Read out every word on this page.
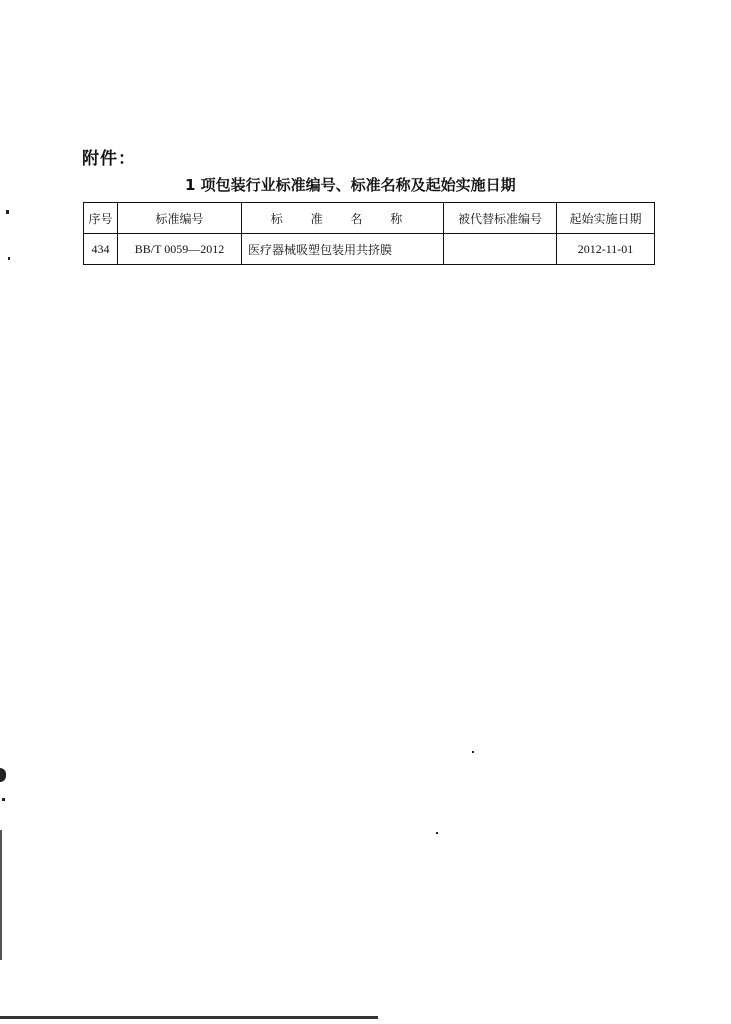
附件：
1 项包装行业标准编号、标准名称及起始实施日期
序号	标准编号	标 准 名 称	被代替标准编号	起始实施日期
434	BB/T 0059—2012	医疗器械吸塑包装用共挤膜		2012-11-01
